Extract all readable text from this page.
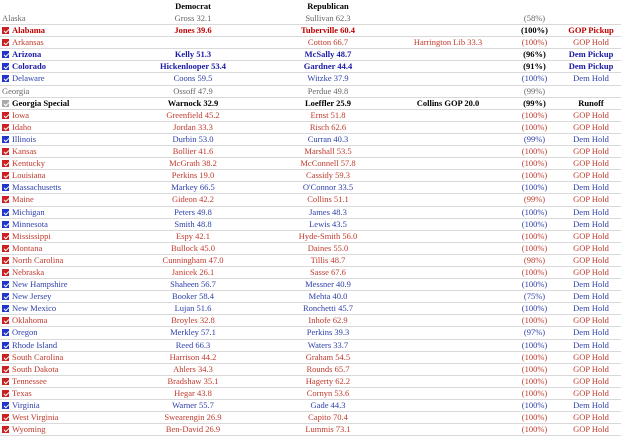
	Democrat	Republican			
Alaska	Gross 32.1	Sullivan 62.3		(58%)	
Alabama	Jones 39.6	Tuberville 60.4		(100%)	GOP Pickup
Arkansas		Cotton 66.7	Harrington Lib 33.3	(100%)	GOP Hold
Arizona	Kelly 51.3	McSally 48.7		(96%)	Dem Pickup
Colorado	Hickenlooper 53.4	Gardner 44.4		(91%)	Dem Pickup
Delaware	Coons 59.5	Witzke 37.9		(100%)	Dem Hold
Georgia	Ossoff 47.9	Perdue 49.8		(99%)	
Georgia Special	Warnock 32.9	Loeffler 25.9	Collins GOP 20.0	(99%)	Runoff
Iowa	Greenfield 45.2	Ernst 51.8		(100%)	GOP Hold
Idaho	Jordan 33.3	Risch 62.6		(100%)	GOP Hold
Illinois	Durbin 53.0	Curran 40.3		(99%)	Dem Hold
Kansas	Bollier 41.6	Marshall 53.5		(100%)	GOP Hold
Kentucky	McGrath 38.2	McConnell 57.8		(100%)	GOP Hold
Louisiana	Perkins 19.0	Cassidy 59.3		(100%)	GOP Hold
Massachusetts	Markey 66.5	O'Connor 33.5		(100%)	Dem Hold
Maine	Gideon 42.2	Collins 51.1		(99%)	GOP Hold
Michigan	Peters 49.8	James 48.3		(100%)	Dem Hold
Minnesota	Smith 48.8	Lewis 43.5		(100%)	Dem Hold
Mississippi	Espy 42.1	Hyde-Smith 56.0		(100%)	GOP Hold
Montana	Bullock 45.0	Daines 55.0		(100%)	GOP Hold
North Carolina	Cunningham 47.0	Tillis 48.7		(98%)	GOP Hold
Nebraska	Janicek 26.1	Sasse 67.6		(100%)	GOP Hold
New Hampshire	Shaheen 56.7	Messner 40.9		(100%)	Dem Hold
New Jersey	Booker 58.4	Mehta 40.0		(75%)	Dem Hold
New Mexico	Lujan 51.6	Ronchetti 45.7		(100%)	Dem Hold
Oklahoma	Broyles 32.8	Inhofe 62.9		(100%)	GOP Hold
Oregon	Merkley 57.1	Perkins 39.3		(97%)	Dem Hold
Rhode Island	Reed 66.3	Waters 33.7		(100%)	Dem Hold
South Carolina	Harrison 44.2	Graham 54.5		(100%)	GOP Hold
South Dakota	Ahlers 34.3	Rounds 65.7		(100%)	GOP Hold
Tennessee	Bradshaw 35.1	Hagerty 62.2		(100%)	GOP Hold
Texas	Hegar 43.8	Cornyn 53.6		(100%)	GOP Hold
Virginia	Warner 55.7	Gade 44.3		(100%)	Dem Hold
West Virginia	Swearengin 26.9	Capito 70.4		(100%)	GOP Hold
Wyoming	Ben-David 26.9	Lummis 73.1		(100%)	GOP Hold
